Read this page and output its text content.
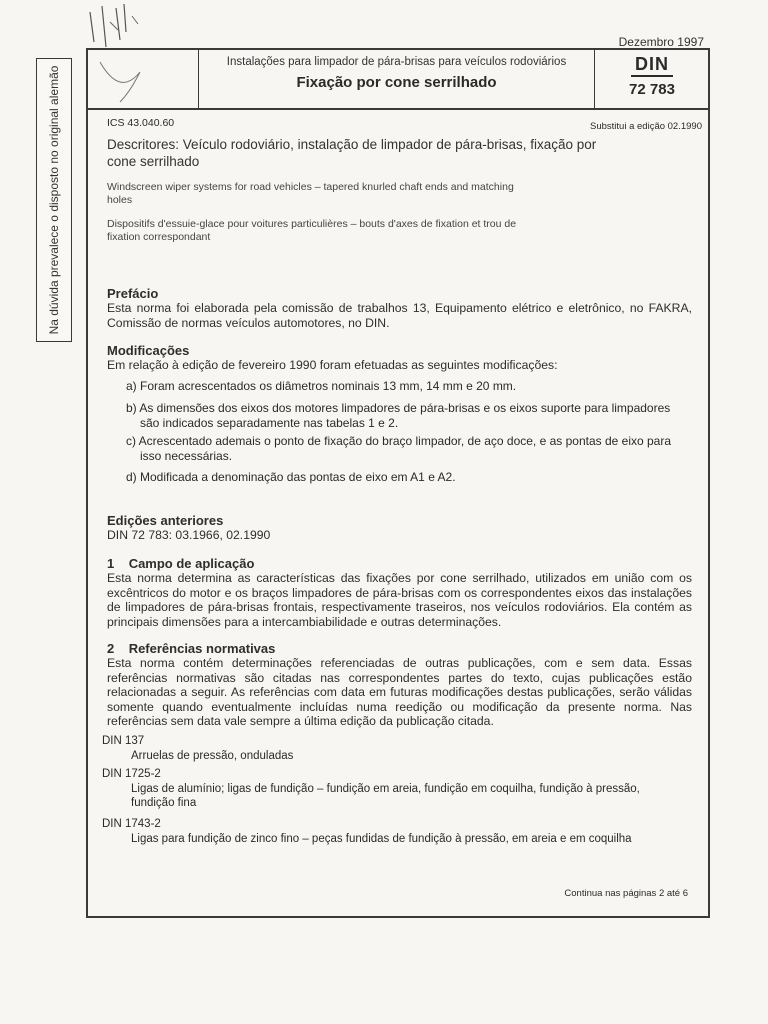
Na dúvida prevalece o disposto no original alemão
Dezembro 1997
Instalações para limpador de pára-brisas para veículos rodoviários
Fixação por cone serrilhado
DIN
72 783
ICS 43.040.60	Substitui a edição 02.1990
Descritores: Veículo rodoviário, instalação de limpador de pára-brisas, fixação por cone serrilhado
Windscreen wiper systems for road vehicles – tapered knurled chaft ends and matching holes
Dispositifs d'essuie-glace pour voitures particulières – bouts d'axes de fixation et trou de fixation correspondant
Prefácio
Esta norma foi elaborada pela comissão de trabalhos 13, Equipamento elétrico e eletrônico, no FAKRA, Comissão de normas veículos automotores, no DIN.
Modificações
Em relação à edição de fevereiro 1990 foram efetuadas as seguintes modificações:
a) Foram acrescentados os diâmetros nominais 13 mm, 14 mm e 20 mm.
b) As dimensões dos eixos dos motores limpadores de pára-brisas e os eixos suporte para limpadores são indicados separadamente nas tabelas 1 e 2.
c) Acrescentado ademais o ponto de fixação do braço limpador, de aço doce, e as pontas de eixo para isso necessárias.
d) Modificada a denominação das pontas de eixo em A1 e A2.
Edições anteriores
DIN 72 783: 03.1966, 02.1990
1 Campo de aplicação
Esta norma determina as características das fixações por cone serrilhado, utilizados em união com os excêntricos do motor e os braços limpadores de pára-brisas com os correspondentes eixos das instalações de limpadores de pára-brisas frontais, respectivamente traseiros, nos veículos rodoviários. Ela contém as principais dimensões para a intercambiabilidade e outras determinações.
2 Referências normativas
Esta norma contém determinações referenciadas de outras publicações, com e sem data. Essas referências normativas são citadas nas correspondentes partes do texto, cujas publicações estão relacionadas a seguir. As referências com data em futuras modificações destas publicações, serão válidas somente quando eventualmente incluídas numa reedição ou modificação da presente norma. Nas referências sem data vale sempre a última edição da publicação citada.
DIN 137
Arruelas de pressão, onduladas
DIN 1725-2
Ligas de alumínio; ligas de fundição – fundição em areia, fundição em coquilha, fundição à pressão, fundição fina
DIN 1743-2
Ligas para fundição de zinco fino – peças fundidas de fundição à pressão, em areia e em coquilha
Continua nas páginas 2 até 6
